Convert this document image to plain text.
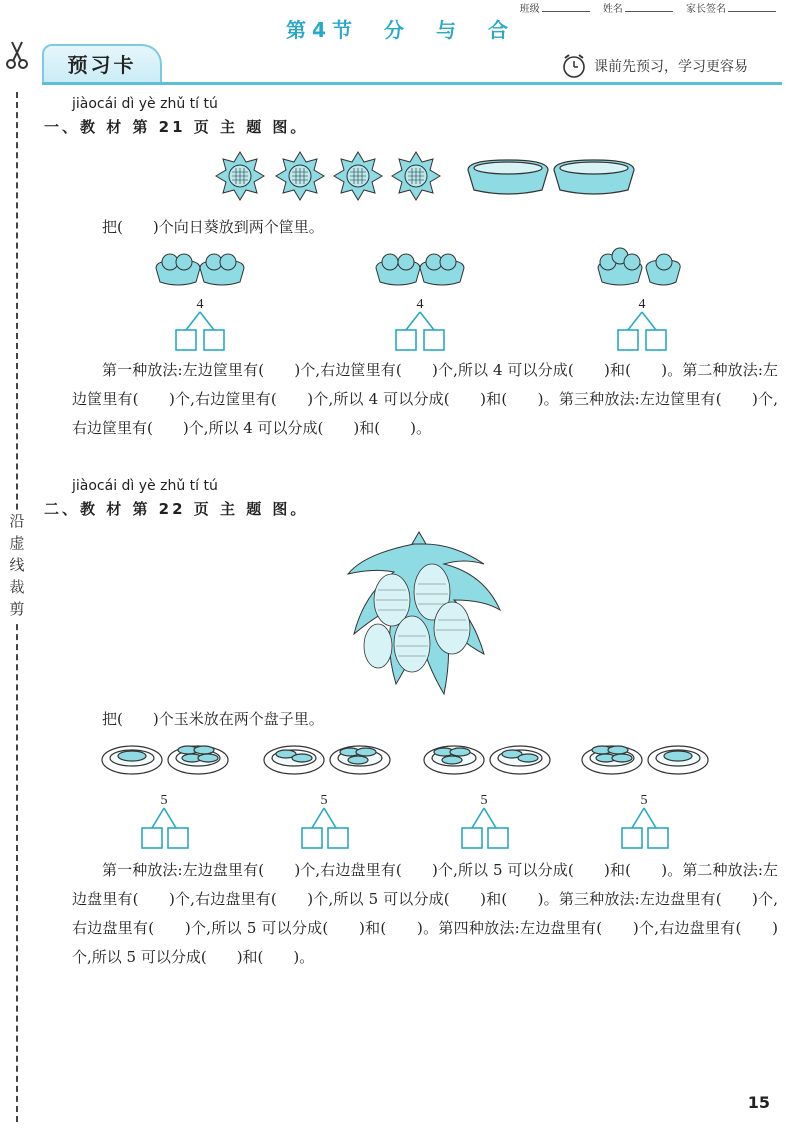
班级	姓名	家长签名
第4节　分　与　合
预习卡	课前先预习，学习更容易
沿
虚
线
裁
剪
jiàocái dì yè zhǔ tí tú
一、教 材 第 21 页 主 题 图。
把(　　)个向日葵放到两个筐里。
4	4	4
第一种放法:左边筐里有(　　)个,右边筐里有(　　)个,所以 4 可以分成(　　)和(　　)。第二种放法:左边筐里有(　　)个,右边筐里有(　　)个,所以 4 可以分成(　　)和(　　)。第三种放法:左边筐里有(　　)个,右边筐里有(　　)个,所以 4 可以分成(　　)和(　　)。
jiàocái dì yè zhǔ tí tú
二、教 材 第 22 页 主 题 图。
把(　　)个玉米放在两个盘子里。
5	5	5	5
第一种放法:左边盘里有(　　)个,右边盘里有(　　)个,所以 5 可以分成(　　)和(　　)。第二种放法:左边盘里有(　　)个,右边盘里有(　　)个,所以 5 可以分成(　　)和(　　)。第三种放法:左边盘里有(　　)个,右边盘里有(　　)个,所以 5 可以分成(　　)和(　　)。第四种放法:左边盘里有(　　)个,右边盘里有(　　)个,所以 5 可以分成(　　)和(　　)。
15
